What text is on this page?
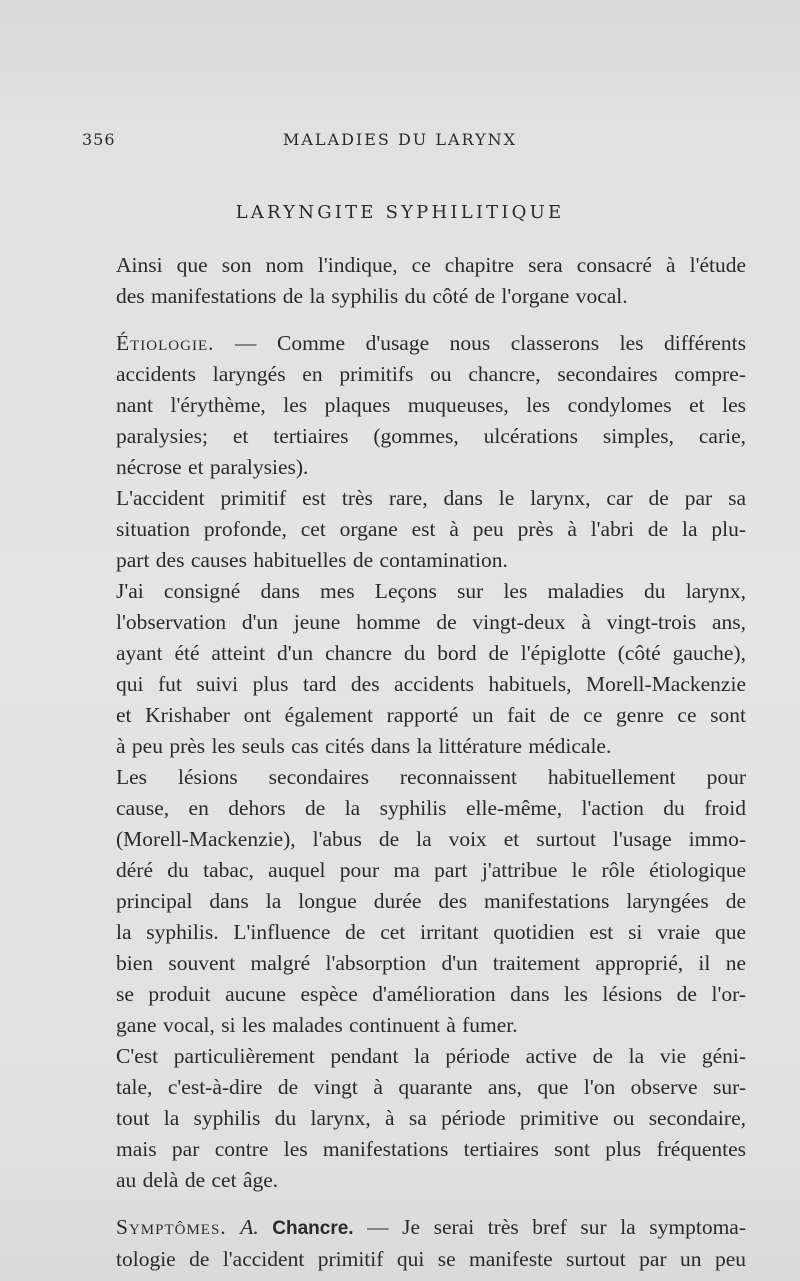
356	MALADIES DU LARYNX
LARYNGITE SYPHILITIQUE

Ainsi que son nom l'indique, ce chapitre sera consacré à l'étude
des manifestations de la syphilis du côté de l'organe vocal.

Étiologie. — Comme d'usage nous classerons les différents
accidents laryngés en primitifs ou chancre, secondaires compre-
nant l'érythème, les plaques muqueuses, les condylomes et les
paralysies; et tertiaires (gommes, ulcérations simples, carie,
nécrose et paralysies).

L'accident primitif est très rare, dans le larynx, car de par sa
situation profonde, cet organe est à peu près à l'abri de la plu-
part des causes habituelles de contamination.

J'ai consigné dans mes Leçons sur les maladies du larynx,
l'observation d'un jeune homme de vingt-deux à vingt-trois ans,
ayant été atteint d'un chancre du bord de l'épiglotte (côté gauche),
qui fut suivi plus tard des accidents habituels, Morell-Mackenzie
et Krishaber ont également rapporté un fait de ce genre ce sont
à peu près les seuls cas cités dans la littérature médicale.

Les lésions secondaires reconnaissent habituellement pour
cause, en dehors de la syphilis elle-même, l'action du froid
(Morell-Mackenzie), l'abus de la voix et surtout l'usage immo-
déré du tabac, auquel pour ma part j'attribue le rôle étiologique
principal dans la longue durée des manifestations laryngées de
la syphilis. L'influence de cet irritant quotidien est si vraie que
bien souvent malgré l'absorption d'un traitement approprié, il ne
se produit aucune espèce d'amélioration dans les lésions de l'or-
gane vocal, si les malades continuent à fumer.

C'est particulièrement pendant la période active de la vie géni-
tale, c'est-à-dire de vingt à quarante ans, que l'on observe sur-
tout la syphilis du larynx, à sa période primitive ou secondaire,
mais par contre les manifestations tertiaires sont plus fréquentes
au delà de cet âge.

Symptômes. A. Chancre. — Je serai très bref sur la symptoma-
tologie de l'accident primitif qui se manifeste surtout par un peu
